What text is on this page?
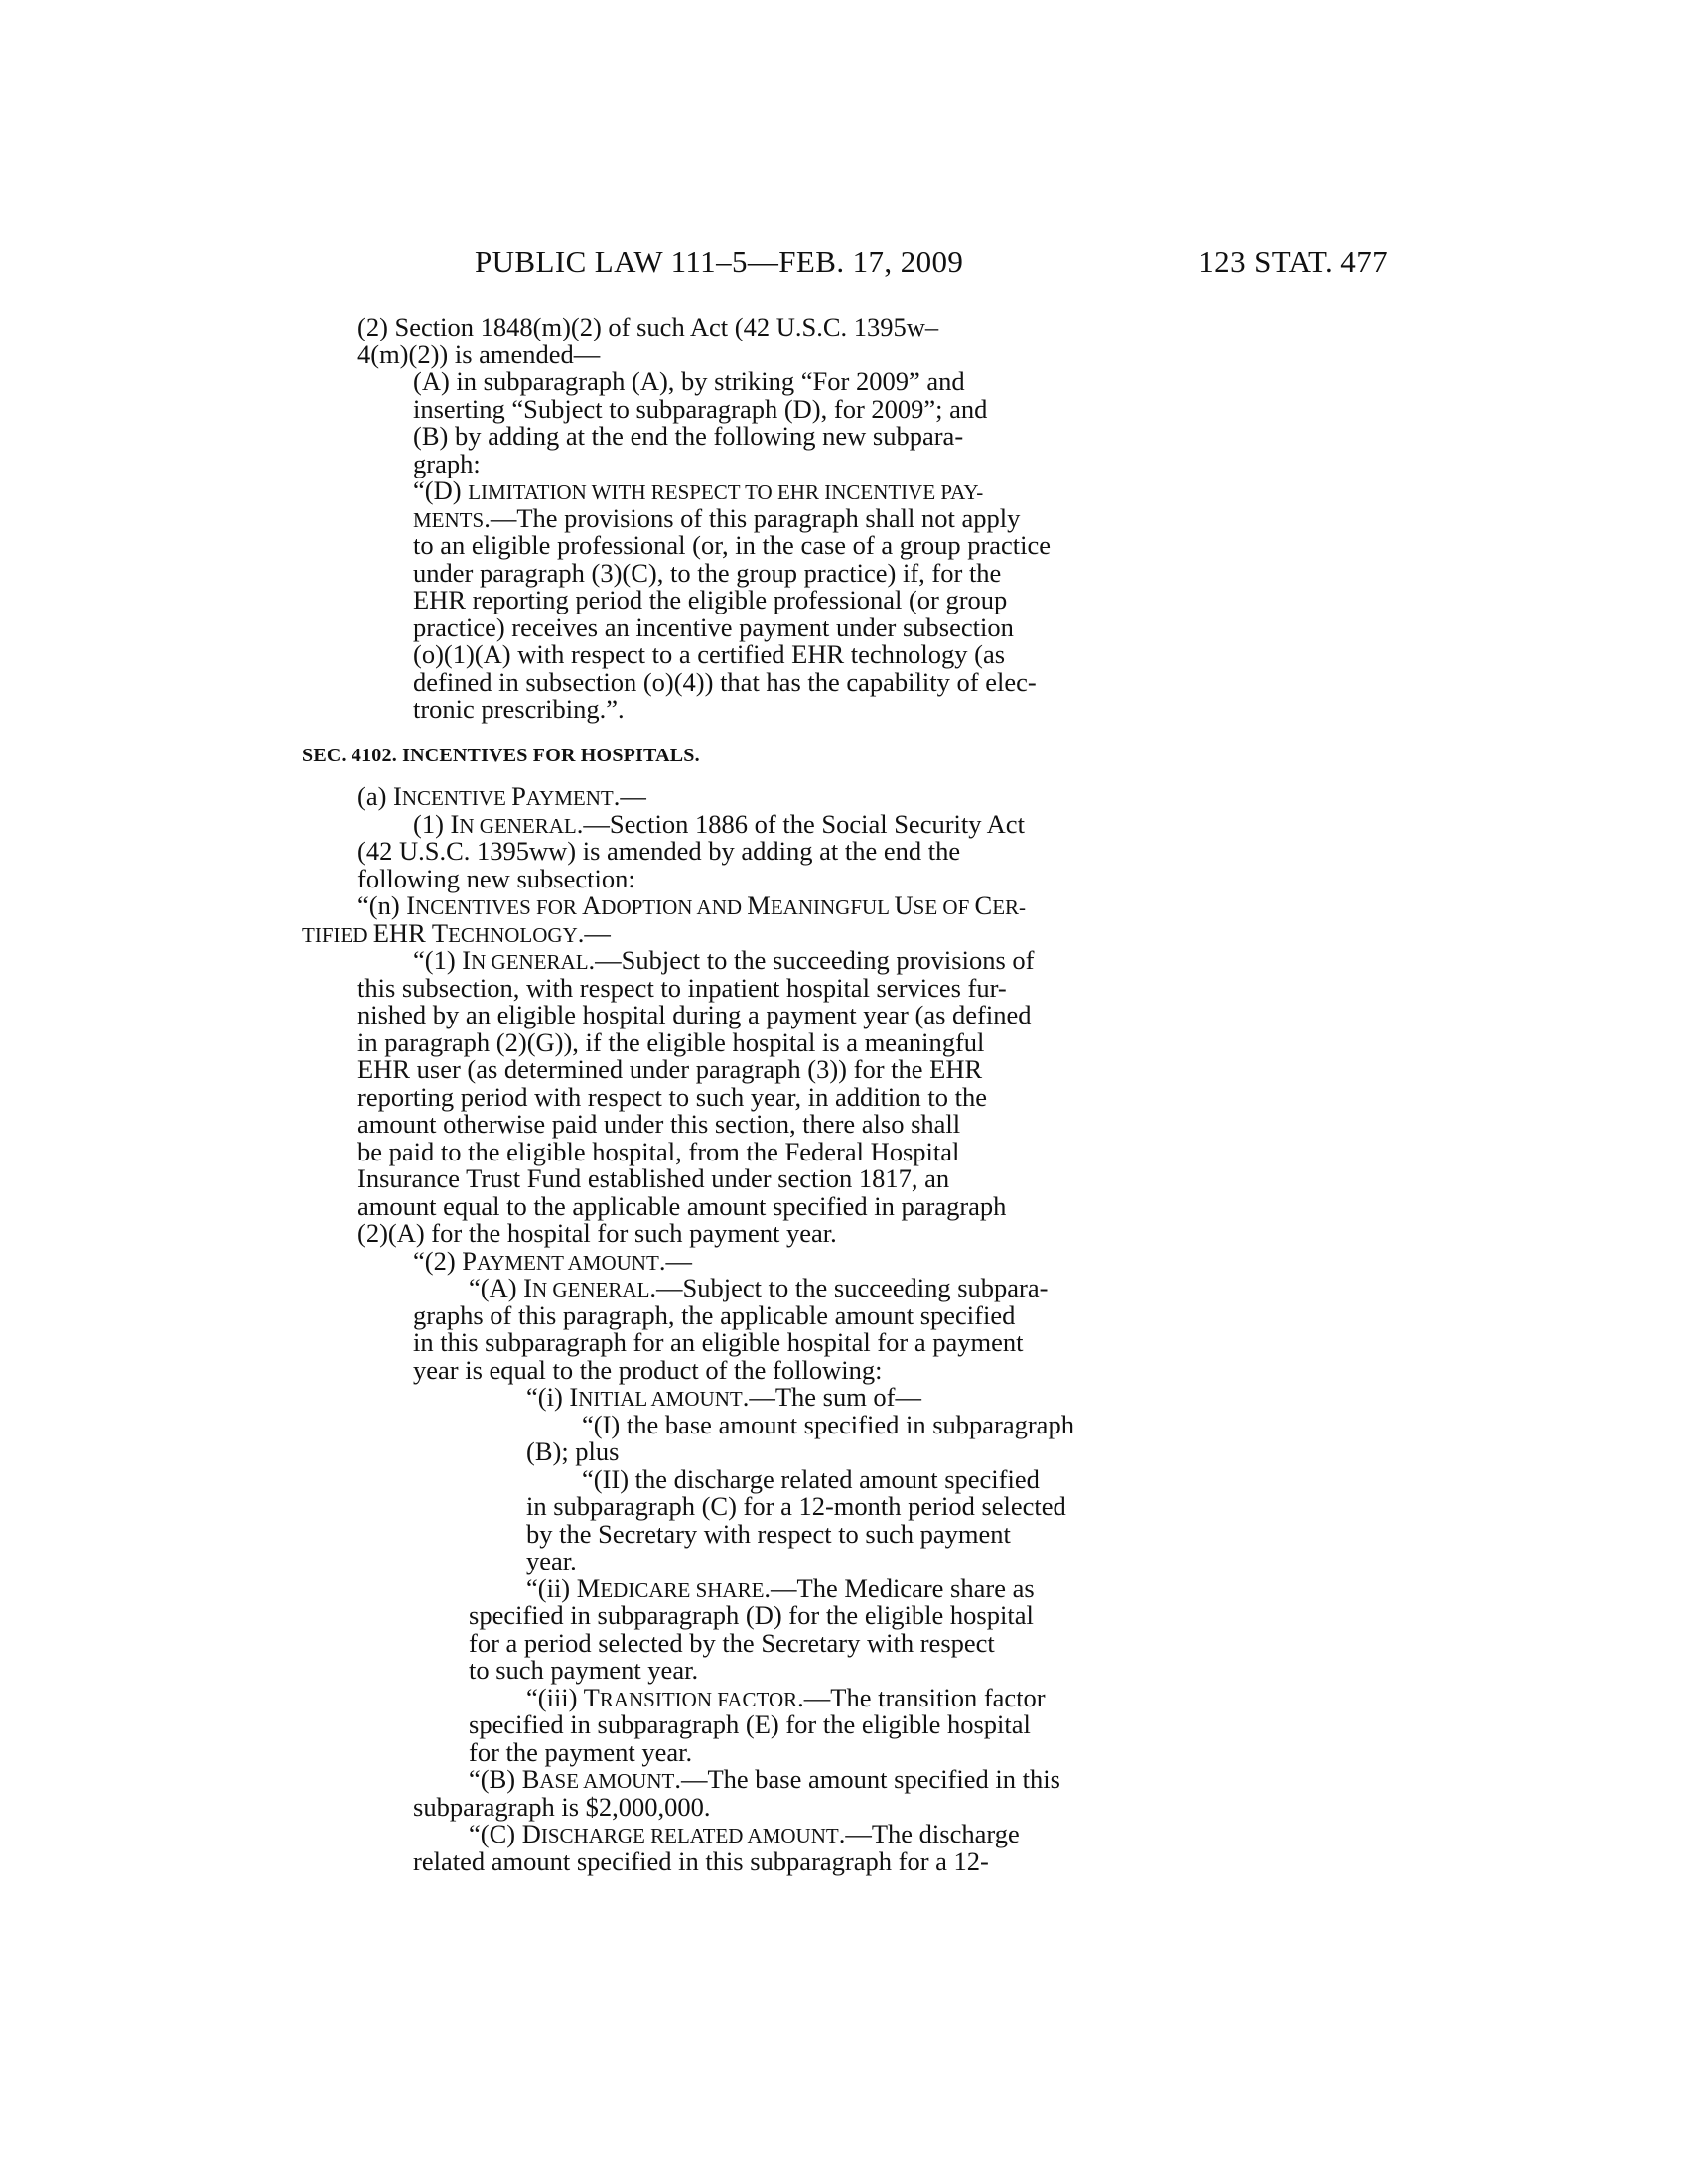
PUBLIC LAW 111–5—FEB. 17, 2009	123 STAT. 477
(2) Section 1848(m)(2) of such Act (42 U.S.C. 1395w–
4(m)(2)) is amended—
(A) in subparagraph (A), by striking “For 2009” and
inserting “Subject to subparagraph (D), for 2009”; and
(B) by adding at the end the following new subpara-
graph:
“(D) LIMITATION WITH RESPECT TO EHR INCENTIVE PAY-
MENTS.—The provisions of this paragraph shall not apply
to an eligible professional (or, in the case of a group practice
under paragraph (3)(C), to the group practice) if, for the
EHR reporting period the eligible professional (or group
practice) receives an incentive payment under subsection
(o)(1)(A) with respect to a certified EHR technology (as
defined in subsection (o)(4)) that has the capability of elec-
tronic prescribing.”.
SEC. 4102. INCENTIVES FOR HOSPITALS.
(a) INCENTIVE PAYMENT.—
(1) IN GENERAL.—Section 1886 of the Social Security Act
(42 U.S.C. 1395ww) is amended by adding at the end the
following new subsection:
“(n) INCENTIVES FOR ADOPTION AND MEANINGFUL USE OF CER-
TIFIED EHR TECHNOLOGY.—
“(1) IN GENERAL.—Subject to the succeeding provisions of
this subsection, with respect to inpatient hospital services fur-
nished by an eligible hospital during a payment year (as defined
in paragraph (2)(G)), if the eligible hospital is a meaningful
EHR user (as determined under paragraph (3)) for the EHR
reporting period with respect to such year, in addition to the
amount otherwise paid under this section, there also shall
be paid to the eligible hospital, from the Federal Hospital
Insurance Trust Fund established under section 1817, an
amount equal to the applicable amount specified in paragraph
(2)(A) for the hospital for such payment year.
“(2) PAYMENT AMOUNT.—
“(A) IN GENERAL.—Subject to the succeeding subpara-
graphs of this paragraph, the applicable amount specified
in this subparagraph for an eligible hospital for a payment
year is equal to the product of the following:
“(i) INITIAL AMOUNT.—The sum of—
“(I) the base amount specified in subparagraph
(B); plus
“(II) the discharge related amount specified
in subparagraph (C) for a 12-month period selected
by the Secretary with respect to such payment
year.
“(ii) MEDICARE SHARE.—The Medicare share as
specified in subparagraph (D) for the eligible hospital
for a period selected by the Secretary with respect
to such payment year.
“(iii) TRANSITION FACTOR.—The transition factor
specified in subparagraph (E) for the eligible hospital
for the payment year.
“(B) BASE AMOUNT.—The base amount specified in this
subparagraph is $2,000,000.
“(C) DISCHARGE RELATED AMOUNT.—The discharge
related amount specified in this subparagraph for a 12-
